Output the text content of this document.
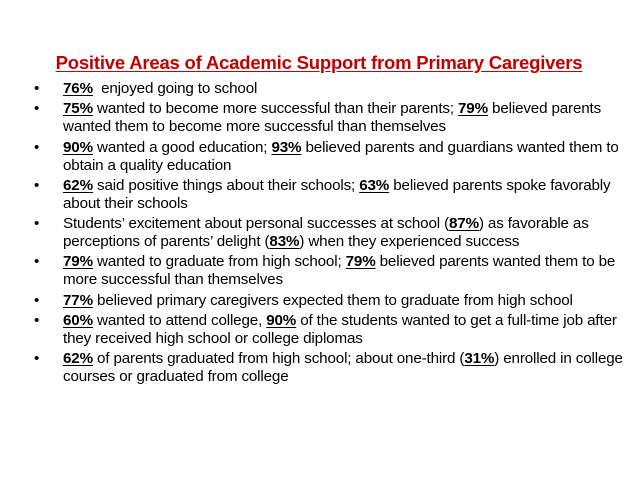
Positive Areas of Academic Support from Primary Caregivers
•	76%  enjoyed going to school
•	75% wanted to become more successful than their parents; 79% believed parents wanted them to become more successful than themselves
•	90% wanted a good education; 93% believed parents and guardians wanted them to obtain a quality education
•	62% said positive things about their schools; 63% believed parents spoke favorably about their schools
•	Students’ excitement about personal successes at school (87%) as favorable as perceptions of parents’ delight (83%) when they experienced success
•	79% wanted to graduate from high school; 79% believed parents wanted them to be more successful than themselves
•	77% believed primary caregivers expected them to graduate from high school
•	60% wanted to attend college, 90% of the students wanted to get a full-time job after they received high school or college diplomas
•	62% of parents graduated from high school; about one-third (31%) enrolled in college courses or graduated from college
